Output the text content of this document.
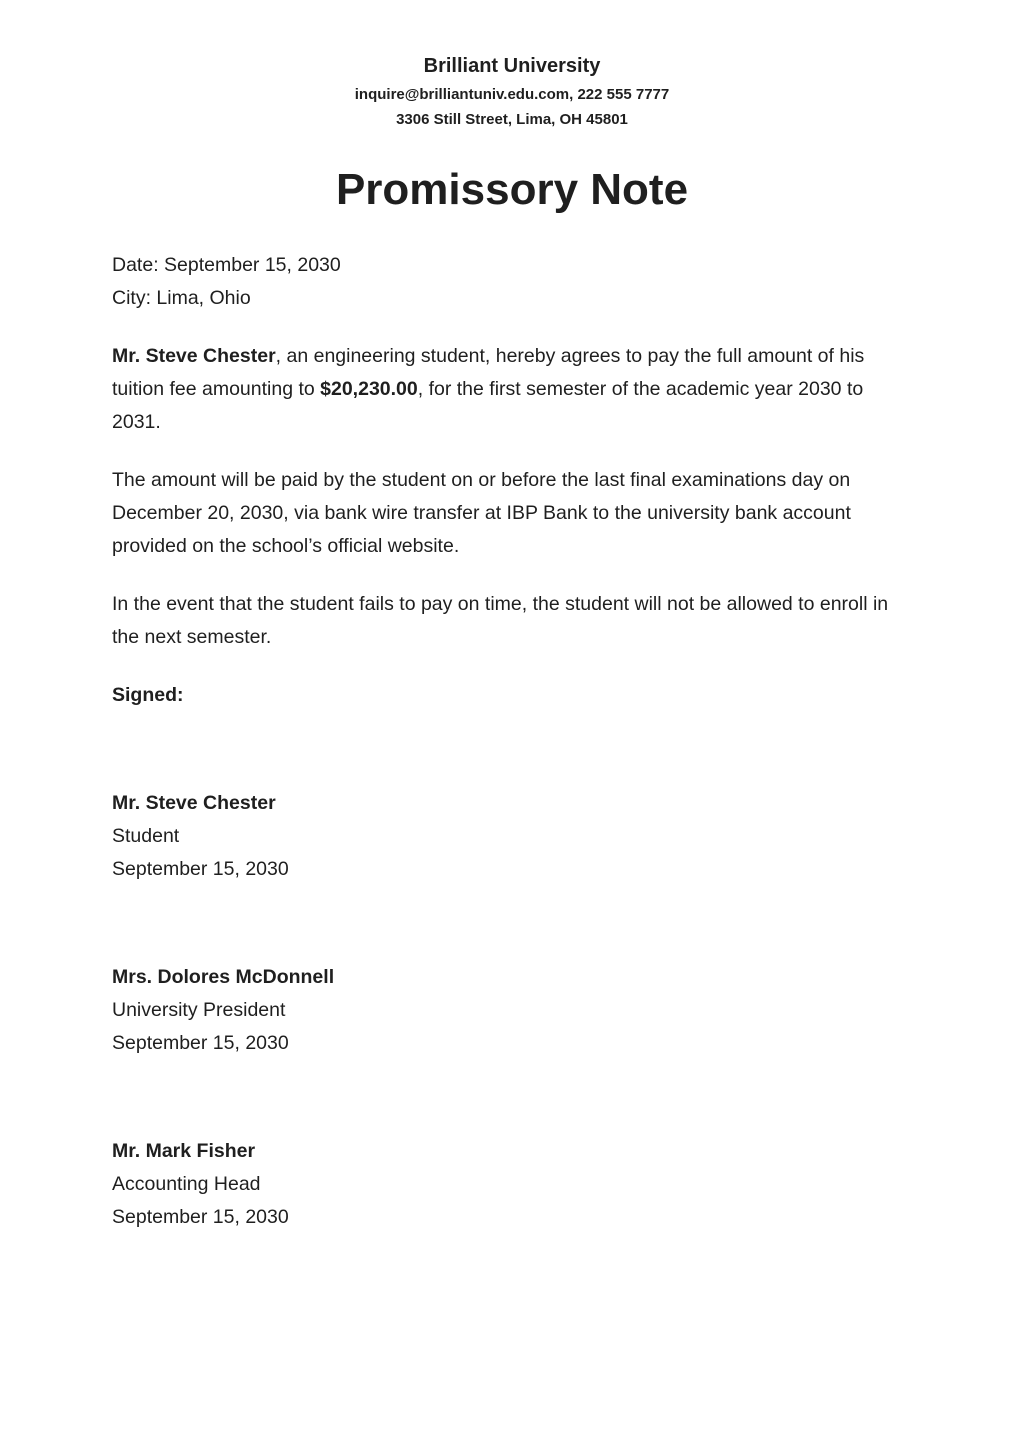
Brilliant University
inquire@brilliantuniv.edu.com, 222 555 7777
3306 Still Street, Lima, OH 45801
Promissory Note
Date: September 15, 2030
City: Lima, Ohio

Mr. Steve Chester, an engineering student, hereby agrees to pay the full amount of his tuition fee amounting to $20,230.00, for the first semester of the academic year 2030 to 2031.

The amount will be paid by the student on or before the last final examinations day on December 20, 2030, via bank wire transfer at IBP Bank to the university bank account provided on the school’s official website.

In the event that the student fails to pay on time, the student will not be allowed to enroll in the next semester.

Signed:
Mr. Steve Chester
Student
September 15, 2030
Mrs. Dolores McDonnell
University President
September 15, 2030
Mr. Mark Fisher
Accounting Head
September 15, 2030
